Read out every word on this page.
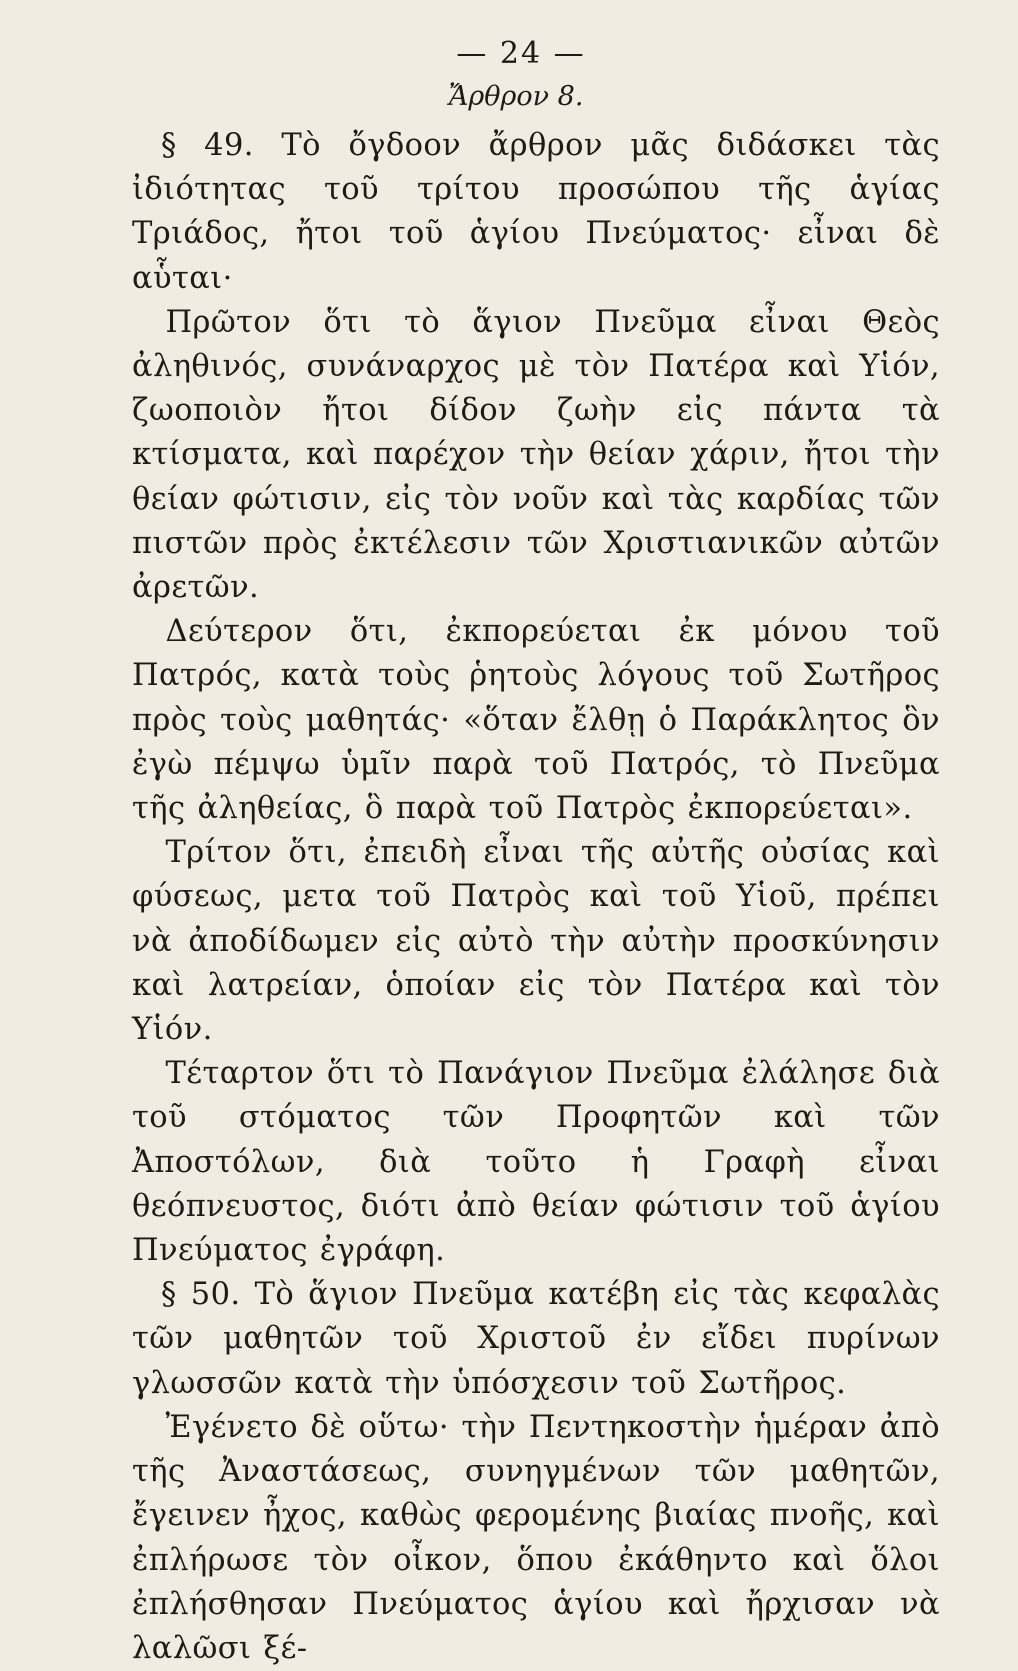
— 24 —
Ἄρθρον 8.

§ 49. Τὸ ὄγδοον ἄρθρον μᾶς διδάσκει τὰς ἰδιότητας τοῦ τρίτου προσώπου τῆς ἁγίας Τριάδος, ἤτοι τοῦ ἁγίου Πνεύματος· εἶναι δὲ αὗται·

Πρῶτον ὅτι τὸ ἅγιον Πνεῦμα εἶναι Θεὸς ἀληθινός, συνάναρχος μὲ τὸν Πατέρα καὶ Υἱόν, ζωοποιὸν ἤτοι δίδον ζωὴν εἰς πάντα τὰ κτίσματα, καὶ παρέχον τὴν θείαν χάριν, ἤτοι τὴν θείαν φώτισιν, εἰς τὸν νοῦν καὶ τὰς καρδίας τῶν πιστῶν πρὸς ἐκτέλεσιν τῶν Χριστιανικῶν αὐτῶν ἀρετῶν.

Δεύτερον ὅτι, ἐκπορεύεται ἐκ μόνου τοῦ Πατρός, κατὰ τοὺς ῥητοὺς λόγους τοῦ Σωτῆρος πρὸς τοὺς μαθητάς· «ὅταν ἔλθῃ ὁ Παράκλητος ὃν ἐγὼ πέμψω ὑμῖν παρὰ τοῦ Πατρός, τὸ Πνεῦμα τῆς ἀληθείας, ὃ παρὰ τοῦ Πατρὸς ἐκπορεύεται».

Τρίτον ὅτι, ἐπειδὴ εἶναι τῆς αὐτῆς οὐσίας καὶ φύσεως, μετα τοῦ Πατρὸς καὶ τοῦ Υἱοῦ, πρέπει νὰ ἀποδίδωμεν εἰς αὐτὸ τὴν αὐτὴν προσκύνησιν καὶ λατρείαν, ὁποίαν εἰς τὸν Πατέρα καὶ τὸν Υἱόν.

Τέταρτον ὅτι τὸ Πανάγιον Πνεῦμα ἐλάλησε διὰ τοῦ στόματος τῶν Προφητῶν καὶ τῶν Ἀποστόλων, διὰ τοῦτο ἡ Γραφὴ εἶναι θεόπνευστος, διότι ἀπὸ θείαν φώτισιν τοῦ ἁγίου Πνεύματος ἐγράφη.

§ 50. Τὸ ἅγιον Πνεῦμα κατέβη εἰς τὰς κεφαλὰς τῶν μαθητῶν τοῦ Χριστοῦ ἐν εἴδει πυρίνων γλωσσῶν κατὰ τὴν ὑπόσχεσιν τοῦ Σωτῆρος.

Ἐγένετο δὲ οὕτω· τὴν Πεντηκοστὴν ἡμέραν ἀπὸ τῆς Ἀναστάσεως, συνηγμένων τῶν μαθητῶν, ἔγεινεν ἦχος, καθὼς φερομένης βιαίας πνοῆς, καὶ ἐπλήρωσε τὸν οἶκον, ὅπου ἐκάθηντο καὶ ὅλοι ἐπλήσθησαν Πνεύματος ἁγίου καὶ ἤρχισαν νὰ λαλῶσι ξέ-
